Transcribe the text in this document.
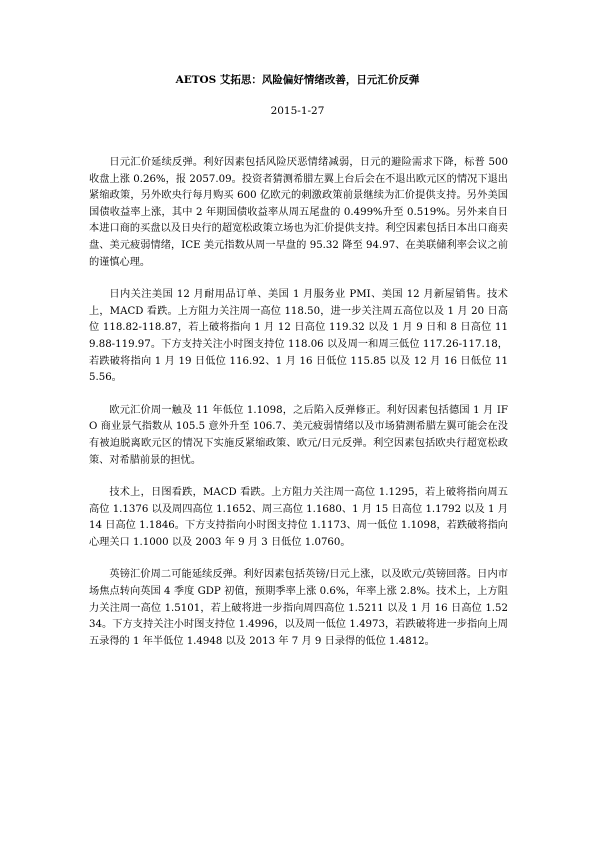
AETOS 艾拓思：风险偏好情绪改善，日元汇价反弹
2015-1-27

日元汇价延续反弹。利好因素包括风险厌恶情绪减弱，日元的避险需求下降，标普 500 收盘上涨 0.26%，报 2057.09。投资者猜测希腊左翼上台后会在不退出欧元区的情况下退出紧缩政策，另外欧央行每月购买 600 亿欧元的刺激政策前景继续为汇价提供支持。另外美国国债收益率上涨，其中 2 年期国债收益率从周五尾盘的 0.499%升至 0.519%。另外来自日本进口商的买盘以及日央行的超宽松政策立场也为汇价提供支持。利空因素包括日本出口商卖盘、美元疲弱情绪，ICE 美元指数从周一早盘的 95.32 降至 94.97、在美联储利率会议之前的谨慎心理。

日内关注美国 12 月耐用品订单、美国 1 月服务业 PMI、美国 12 月新屋销售。技术上，MACD 看跌。上方阻力关注周一高位 118.50，进一步关注周五高位以及 1 月 20 日高位 118.82-118.87，若上破将指向 1 月 12 日高位 119.32 以及 1 月 9 日和 8 日高位 119.88-119.97。下方支持关注小时图支持位 118.06 以及周一和周三低位 117.26-117.18，若跌破将指向 1 月 19 日低位 116.92、1 月 16 日低位 115.85 以及 12 月 16 日低位 115.56。

欧元汇价周一触及 11 年低位 1.1098，之后陷入反弹修正。利好因素包括德国 1 月 IFO 商业景气指数从 105.5 意外升至 106.7、美元疲弱情绪以及市场猜测希腊左翼可能会在没有被迫脱离欧元区的情况下实施反紧缩政策、欧元/日元反弹。利空因素包括欧央行超宽松政策、对希腊前景的担忧。

技术上，日图看跌，MACD 看跌。上方阻力关注周一高位 1.1295，若上破将指向周五高位 1.1376 以及周四高位 1.1652、周三高位 1.1680、1 月 15 日高位 1.1792 以及 1 月 14 日高位 1.1846。下方支持指向小时图支持位 1.1173、周一低位 1.1098，若跌破将指向心理关口 1.1000 以及 2003 年 9 月 3 日低位 1.0760。

英镑汇价周二可能延续反弹。利好因素包括英镑/日元上涨，以及欧元/英镑回落。日内市场焦点转向英国 4 季度 GDP 初值，预期季率上涨 0.6%，年率上涨 2.8%。技术上，上方阻力关注周一高位 1.5101，若上破将进一步指向周四高位 1.5211 以及 1 月 16 日高位 1.5234。下方支持关注小时图支持位 1.4996，以及周一低位 1.4973，若跌破将进一步指向上周五录得的 1 年半低位 1.4948 以及 2013 年 7 月 9 日录得的低位 1.4812。
